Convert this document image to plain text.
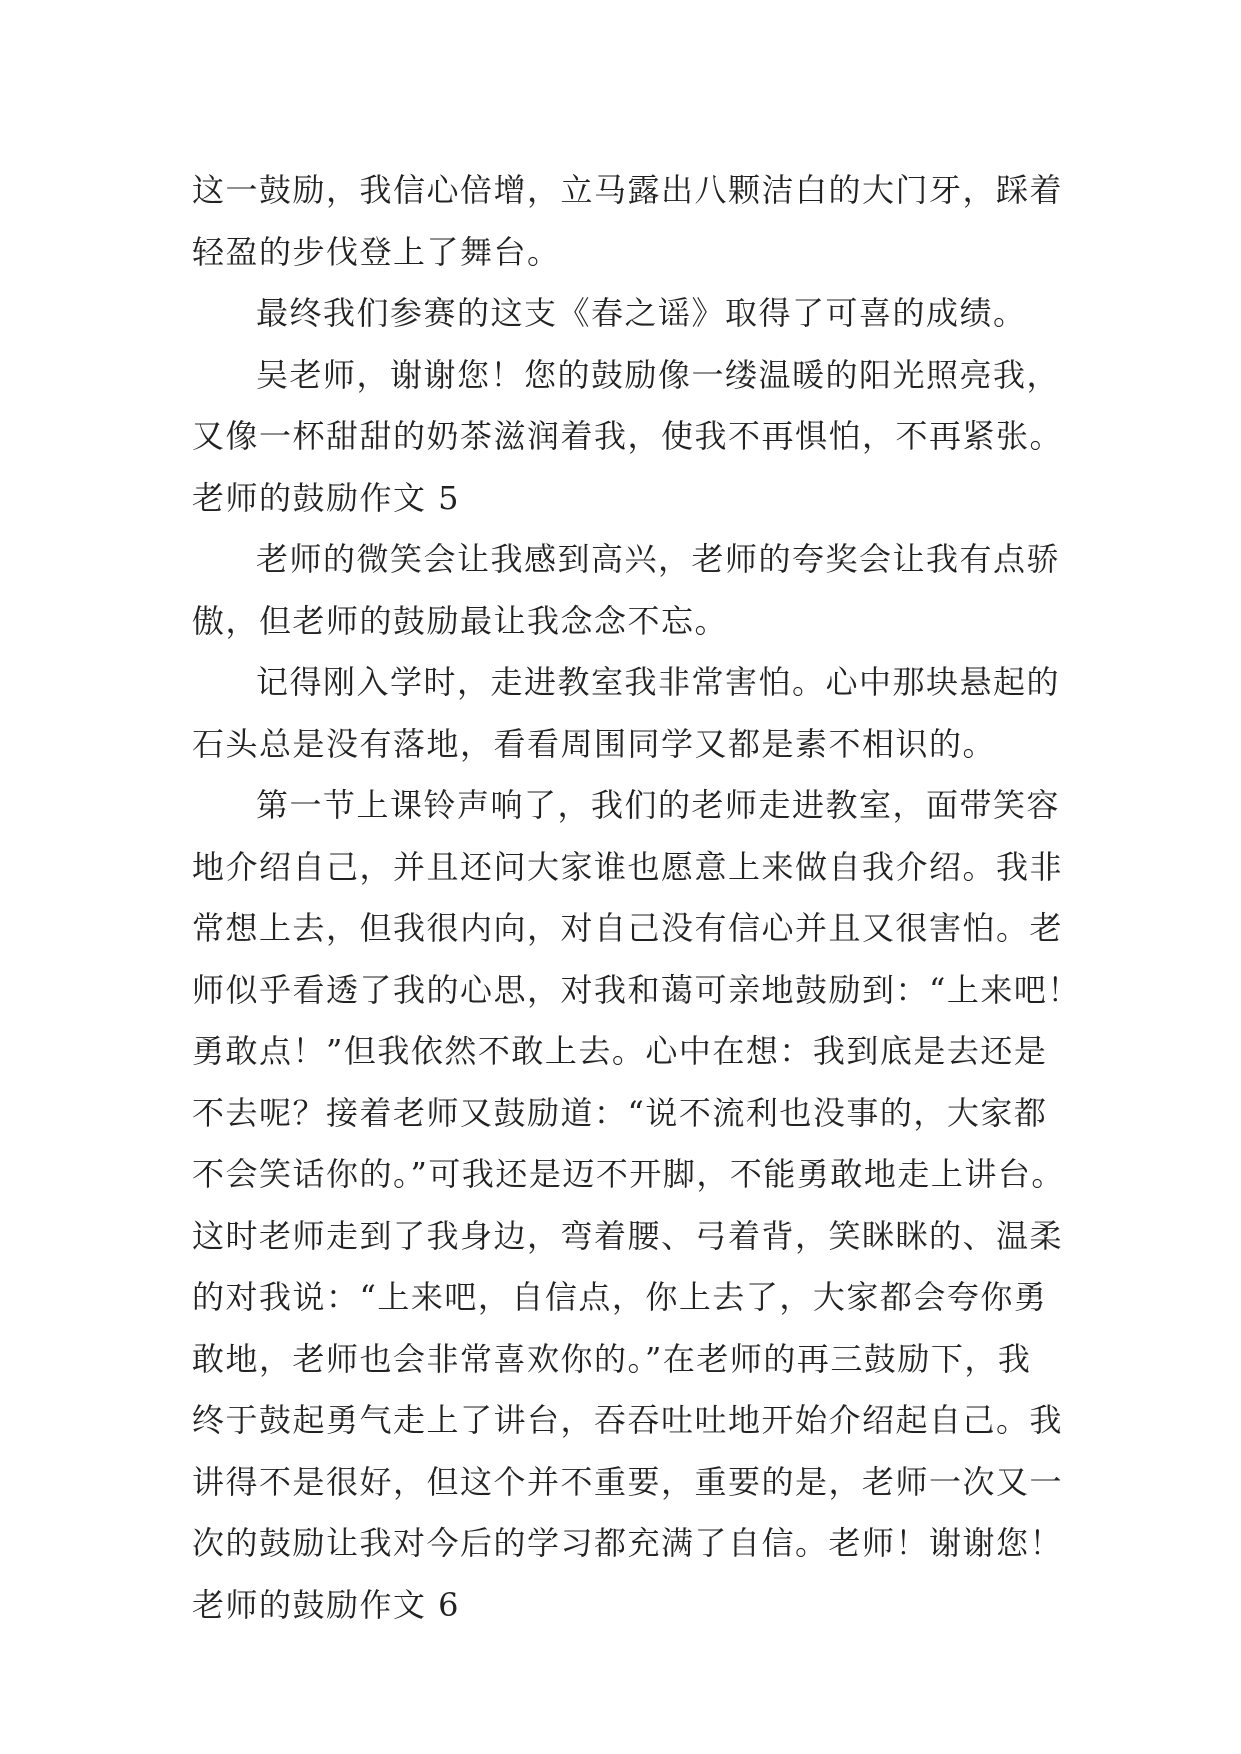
这一鼓励，我信心倍增，立马露出八颗洁白的大门牙，踩着
轻盈的步伐登上了舞台。
最终我们参赛的这支《春之谣》取得了可喜的成绩。
吴老师，谢谢您！您的鼓励像一缕温暖的阳光照亮我，
又像一杯甜甜的奶茶滋润着我，使我不再惧怕，不再紧张。
老师的鼓励作文 5
老师的微笑会让我感到高兴，老师的夸奖会让我有点骄
傲，但老师的鼓励最让我念念不忘。
记得刚入学时，走进教室我非常害怕。心中那块悬起的
石头总是没有落地，看看周围同学又都是素不相识的。
第一节上课铃声响了，我们的老师走进教室，面带笑容
地介绍自己，并且还问大家谁也愿意上来做自我介绍。我非
常想上去，但我很内向，对自己没有信心并且又很害怕。老
师似乎看透了我的心思，对我和蔼可亲地鼓励到：“上来吧！
勇敢点！”但我依然不敢上去。心中在想：我到底是去还是
不去呢？接着老师又鼓励道：“说不流利也没事的，大家都
不会笑话你的。”可我还是迈不开脚，不能勇敢地走上讲台。
这时老师走到了我身边，弯着腰、弓着背，笑眯眯的、温柔
的对我说：“上来吧，自信点，你上去了，大家都会夸你勇
敢地，老师也会非常喜欢你的。”在老师的再三鼓励下，我
终于鼓起勇气走上了讲台，吞吞吐吐地开始介绍起自己。我
讲得不是很好，但这个并不重要，重要的是，老师一次又一
次的鼓励让我对今后的学习都充满了自信。老师！谢谢您！
老师的鼓励作文 6
